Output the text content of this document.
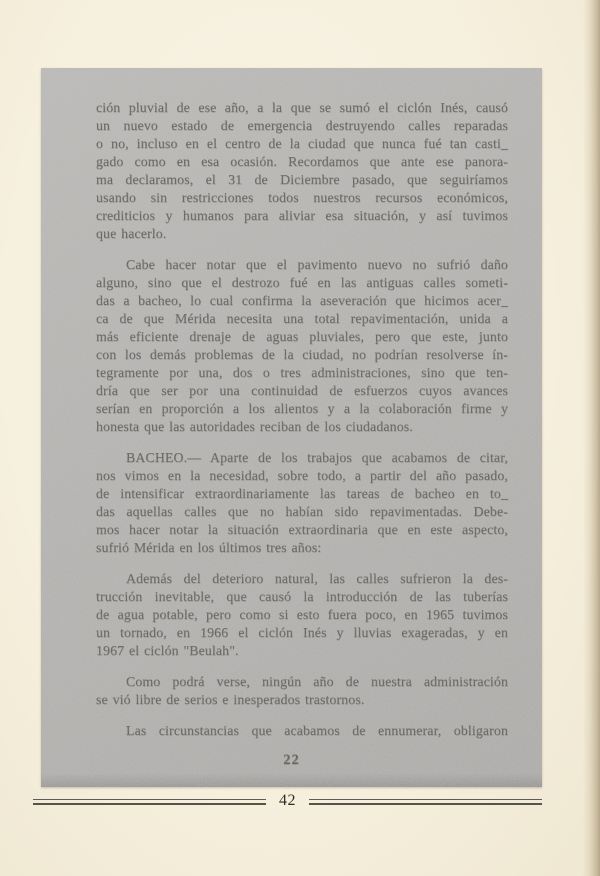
ción pluvial de ese año, a la que se sumó el ciclón Inés, causó
un nuevo estado de emergencia destruyendo calles reparadas
o no, incluso en el centro de la ciudad que nunca fué tan casti_
gado como en esa ocasión. Recordamos que ante ese panora-
ma declaramos, el 31 de Diciembre pasado, que seguiríamos
usando sin restricciones todos nuestros recursos económicos,
crediticios y humanos para aliviar esa situación, y así tuvimos
que hacerlo.
Cabe hacer notar que el pavimento nuevo no sufrió daño
alguno, sino que el destrozo fué en las antiguas calles someti-
das a bacheo, lo cual confirma la aseveración que hicimos acer_
ca de que Mérida necesita una total repavimentación, unida a
más eficiente drenaje de aguas pluviales, pero que este, junto
con los demás problemas de la ciudad, no podrían resolverse ín-
tegramente por una, dos o tres administraciones, sino que ten-
dría que ser por una continuidad de esfuerzos cuyos avances
serían en proporción a los alientos y a la colaboración firme y
honesta que las autoridades reciban de los ciudadanos.
BACHEO.— Aparte de los trabajos que acabamos de citar,
nos vimos en la necesidad, sobre todo, a partir del año pasado,
de intensificar extraordinariamente las tareas de bacheo en to_
das aquellas calles que no habían sido repavimentadas. Debe-
mos hacer notar la situación extraordinaria que en este aspecto,
sufrió Mérida en los últimos tres años:
Además del deterioro natural, las calles sufrieron la des-
trucción inevitable, que causó la introducción de las tuberías
de agua potable, pero como si esto fuera poco, en 1965 tuvimos
un tornado, en 1966 el ciclón Inés y lluvias exageradas, y en
1967 el ciclón "Beulah".
Como podrá verse, ningún año de nuestra administración
se vió libre de serios e inesperados trastornos.
Las circunstancias que acabamos de ennumerar, obligaron
22
42
